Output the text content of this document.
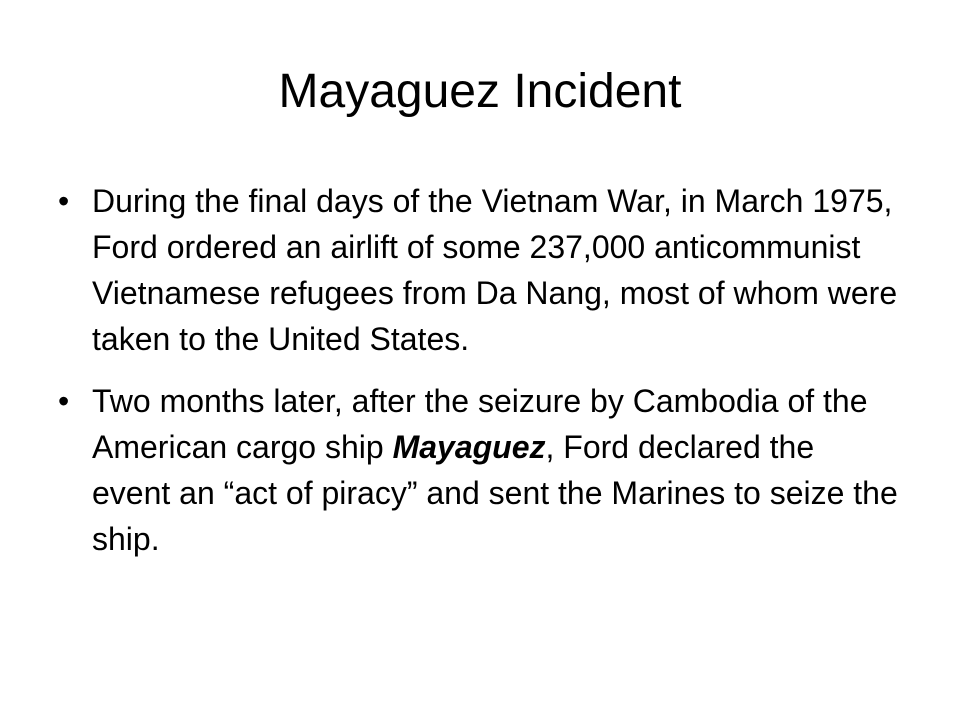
Mayaguez Incident
• During the final days of the Vietnam War, in March 1975, Ford ordered an airlift of some 237,000 anticommunist Vietnamese refugees from Da Nang, most of whom were taken to the United States.
• Two months later, after the seizure by Cambodia of the American cargo ship Mayaguez, Ford declared the event an “act of piracy” and sent the Marines to seize the ship.
